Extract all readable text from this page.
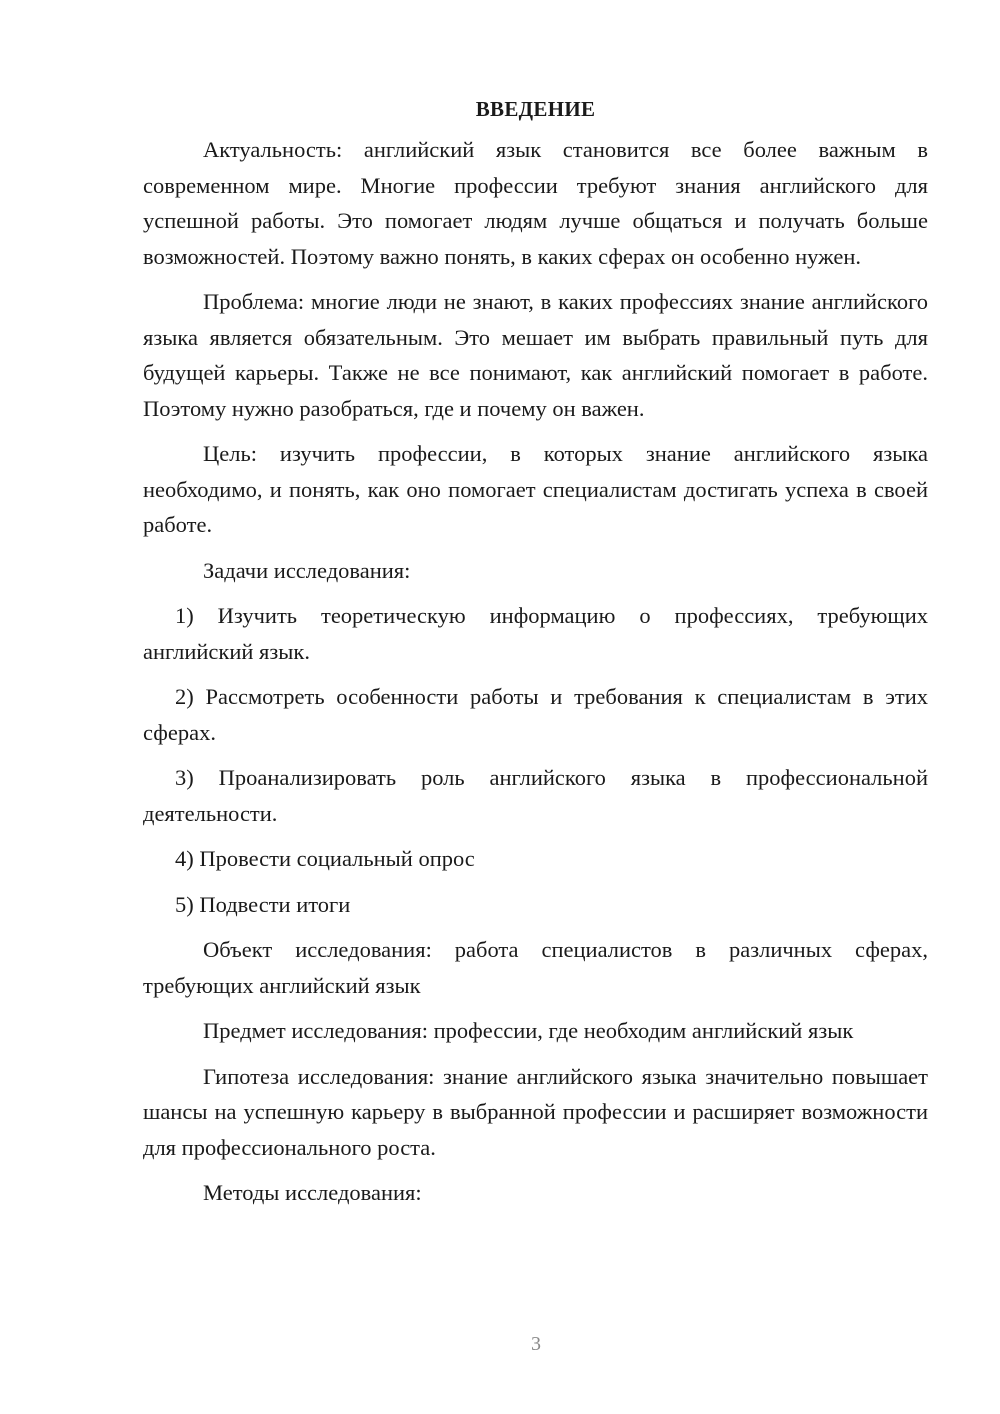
ВВЕДЕНИЕ

Актуальность: английский язык становится все более важным в современном мире. Многие профессии требуют знания английского для успешной работы. Это помогает людям лучше общаться и получать больше возможностей. Поэтому важно понять, в каких сферах он особенно нужен.

Проблема: многие люди не знают, в каких профессиях знание английского языка является обязательным. Это мешает им выбрать правильный путь для будущей карьеры. Также не все понимают, как английский помогает в работе. Поэтому нужно разобраться, где и почему он важен.

Цель: изучить профессии, в которых знание английского языка необходимо, и понять, как оно помогает специалистам достигать успеха в своей работе.

Задачи исследования:

1) Изучить теоретическую информацию о профессиях, требующих английский язык.

2) Рассмотреть особенности работы и требования к специалистам в этих сферах.

3) Проанализировать роль английского языка в профессиональной деятельности.

4) Провести социальный опрос

5) Подвести итоги

Объект исследования: работа специалистов в различных сферах, требующих английский язык

Предмет исследования: профессии, где необходим английский язык

Гипотеза исследования: знание английского языка значительно повышает шансы на успешную карьеру в выбранной профессии и расширяет возможности для профессионального роста.

Методы исследования:

3
